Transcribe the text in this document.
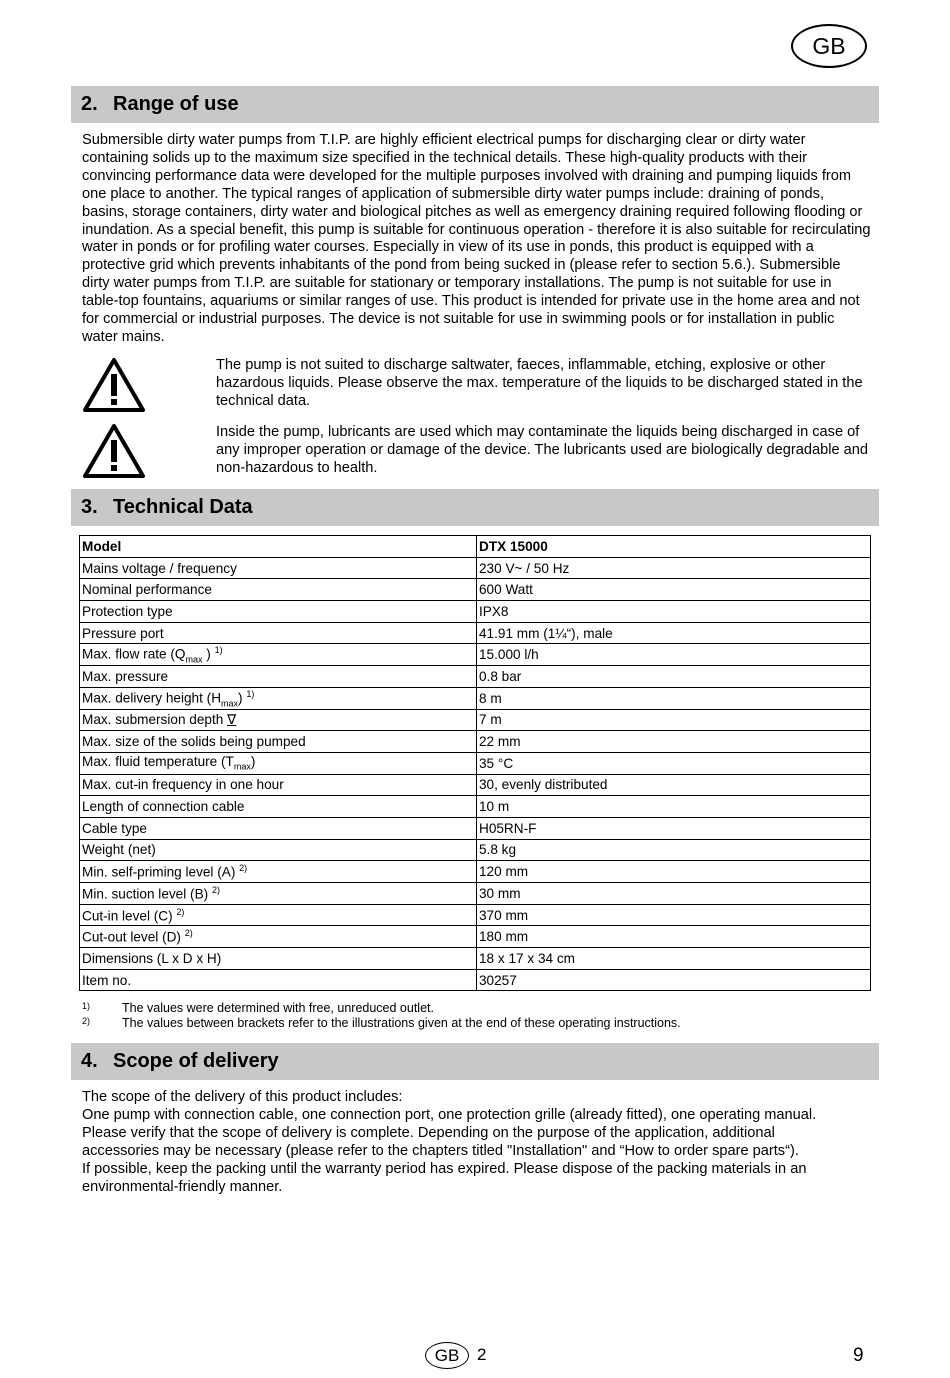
GB
2. Range of use
Submersible dirty water pumps from T.I.P. are highly efficient electrical pumps for discharging clear or dirty water containing solids up to the maximum size specified in the technical details. These high-quality products with their convincing performance data were developed for the multiple purposes involved with draining and pumping liquids from one place to another. The typical ranges of application of submersible dirty water pumps include: draining of ponds, basins, storage containers, dirty water and biological pitches as well as emergency draining required following flooding or inundation. As a special benefit, this pump is suitable for continuous operation - therefore it is also suitable for recirculating water in ponds or for profiling water courses. Especially in view of its use in ponds, this product is equipped with a protective grid which prevents inhabitants of the pond from being sucked in (please refer to section 5.6.). Submersible dirty water pumps from T.I.P. are suitable for stationary or temporary installations. The pump is not suitable for use in table-top fountains, aquariums or similar ranges of use. This product is intended for private use in the home area and not for commercial or industrial purposes. The device is not suitable for use in swimming pools or for installation in public water mains.
The pump is not suited to discharge saltwater, faeces, inflammable, etching, explosive or other hazardous liquids. Please observe the max. temperature of the liquids to be discharged stated in the technical data.
Inside the pump, lubricants are used which may contaminate the liquids being discharged in case of any improper operation or damage of the device. The lubricants used are biologically degradable and non-hazardous to health.
3. Technical Data
Model	DTX 15000
Mains voltage / frequency	230 V~ / 50 Hz
Nominal performance	600 Watt
Protection type	IPX8
Pressure port	41.91 mm (1¼“), male
Max. flow rate ($Q_{max}$ ) $^{1)}$	15.000 l/h
Max. pressure	0.8 bar
Max. delivery height $(H_{max})$ $^{1)}$	8 m
Max. submersion depth ∇	7 m
Max. size of the solids being pumped	22 mm
Max. fluid temperature $(T_{max})$	35 °C
Max. cut-in frequency in one hour	30, evenly distributed
Length of connection cable	10 m
Cable type	H05RN-F
Weight (net)	5.8 kg
Min. self-priming level (A) $^{2)}$	120 mm
Min. suction level (B) $^{2)}$	30 mm
Cut-in level (C) $^{2)}$	370 mm
Cut-out level (D) $^{2)}$	180 mm
Dimensions (L x D x H)	18 x 17 x 34 cm
Item no.	30257
1)	The values were determined with free, unreduced outlet.
2)	The values between brackets refer to the illustrations given at the end of these operating instructions.
4. Scope of delivery
The scope of the delivery of this product includes:
One pump with connection cable, one connection port, one protection grille (already fitted), one operating manual.
Please verify that the scope of delivery is complete. Depending on the purpose of the application, additional
accessories may be necessary (please refer to the chapters titled "Installation" and “How to order spare parts“).
If possible, keep the packing until the warranty period has expired. Please dispose of the packing materials in an
environmental-friendly manner.
GB	2	9
